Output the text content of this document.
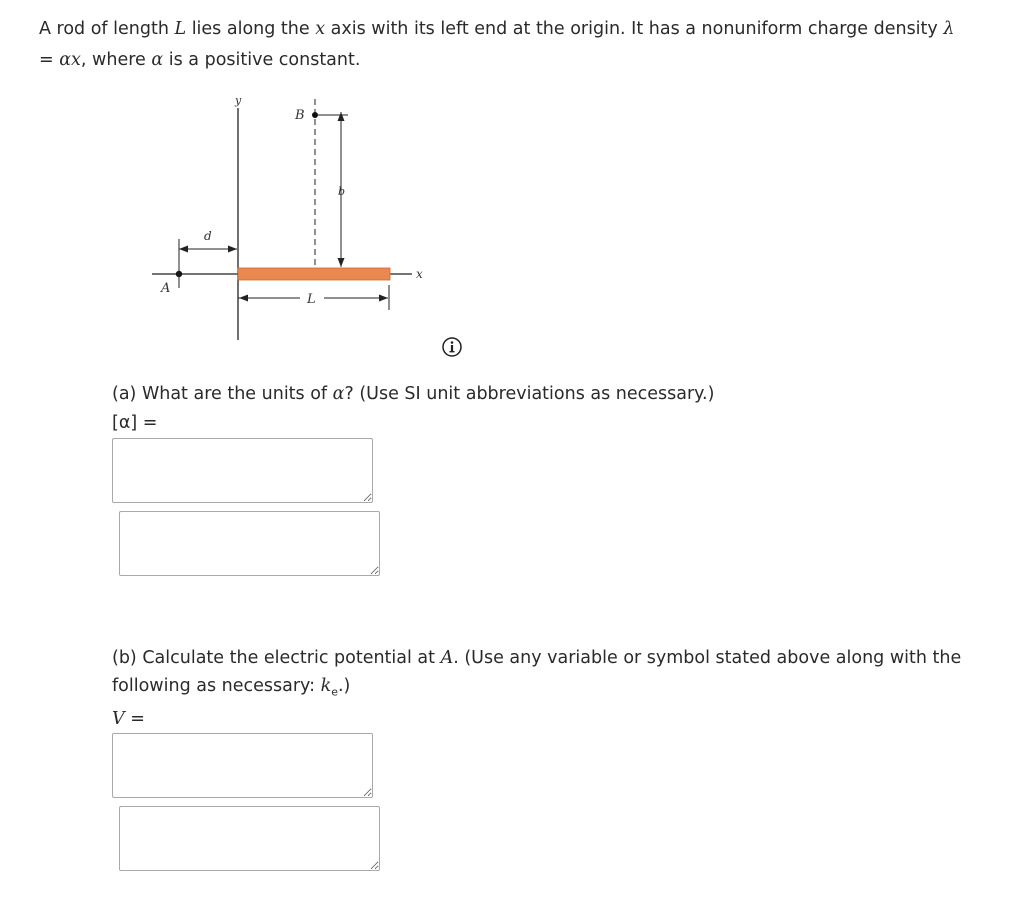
A rod of length L lies along the x axis with its left end at the origin. It has a nonuniform charge density λ
= αx, where α is a positive constant.

y
B
b
d
A
L
x

(a) What are the units of α? (Use SI unit abbreviations as necessary.)

[α] =

(b) Calculate the electric potential at A. (Use any variable or symbol stated above along with the following as necessary: $k_e$.)

V =
